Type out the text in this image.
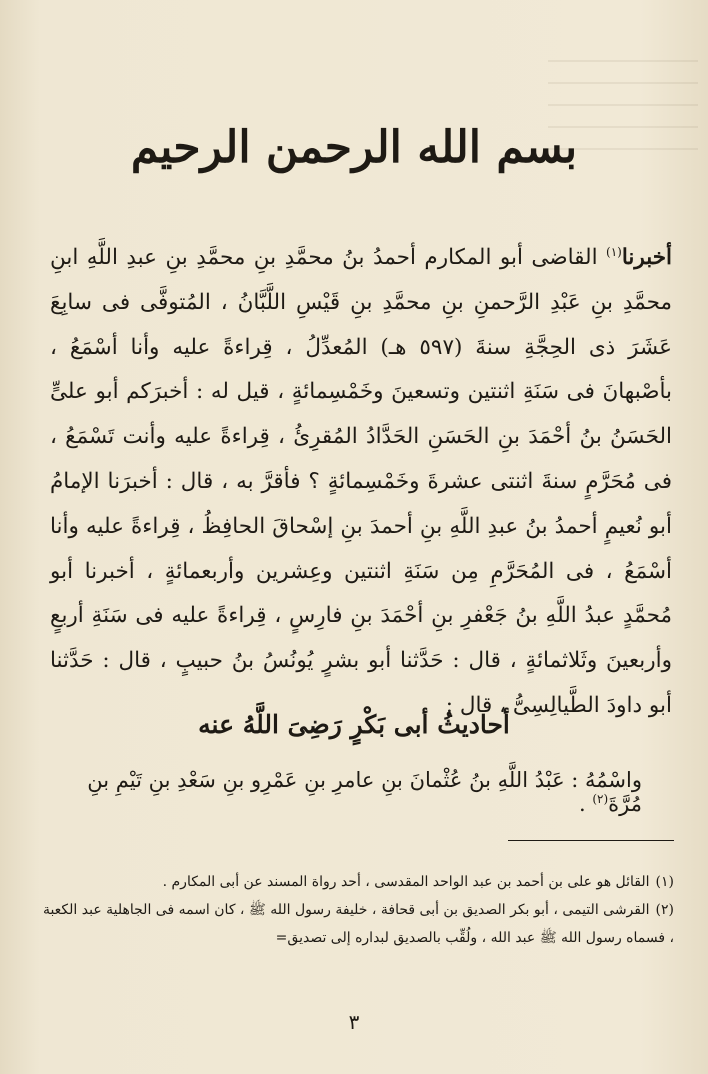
بسم الله الرحمن الرحيم
أخبرنا$^{(١)}$ القاضى أبو المكارم أحمدُ بنُ محمَّدِ بنِ محمَّدِ بنِ عبدِ اللَّهِ ابنِ محمَّدِ بنِ عَبْدِ الرَّحمنِ بنِ محمَّدِ بنِ قَيْسِ اللَّبَّانُ ، المُتوفَّى فى سابِعَ عَشَرَ ذى الحِجَّةِ سنةَ (٥٩٧ هـ) المُعدِّلُ ، قِراءةً عليه وأنا أسْمَعُ ، بأصْبهانَ فى سَنَةِ اثنتين وتسعينَ وخَمْسِمائةٍ ، قيل له : أخبرَكم أبو علىٍّ الحَسَنُ بنُ أحْمَدَ بنِ الحَسَنِ الحَدَّادُ المُقرِئُ ، قِراءةً عليه وأنت تَسْمَعُ ، فى مُحَرَّمٍ سنةَ اثنتى عشرةَ وخَمْسِمائةٍ ؟ فأقرَّ به ، قال : أخبرَنا الإمامُ أبو نُعيمٍ أحمدُ بنُ عبدِ اللَّهِ بنِ أحمدَ بنِ إسْحاقَ الحافِظُ ، قِراءةً عليه وأنا أسْمَعُ ، فى المُحَرَّمِ مِن سَنَةِ اثنتين وعِشرين وأربعمائةٍ ، أخبرنا أبو مُحمَّدٍ عبدُ اللَّهِ بنُ جَعْفرِ بنِ أحْمَدَ بنِ فارِسٍ ، قِراءةً عليه فى سَنَةِ أربعٍ وأربعينَ وثَلاثمائةٍ ، قال : حَدَّثنا أبو بشرٍ يُونُسُ بنُ حبيبٍ ، قال : حَدَّثنا أبو داودَ الطَّيالِسِىُّ ، قال :
أحاديثُ أبى بَكْرٍ رَضِىَ اللَّهُ عنه
واسْمُهُ : عَبْدُ اللَّهِ بنُ عُثْمانَ بنِ عامرِ بنِ عَمْرِو بنِ سَعْدِ بنِ تَيْمِ بنِ مُرَّةَ$^{(٢)}$ .
(١)القائل هو على بن أحمد بن عبد الواحد المقدسى ، أحد رواة المسند عن أبى المكارم .
(٢)القرشى التيمى ، أبو بكر الصديق بن أبى قحافة ، خليفة رسول الله ﷺ ، كان اسمه فى الجاهلية عبد الكعبة ، فسماه رسول الله ﷺ عبد الله ، ولُقِّب بالصديق لبداره إلى تصديق=
٣
